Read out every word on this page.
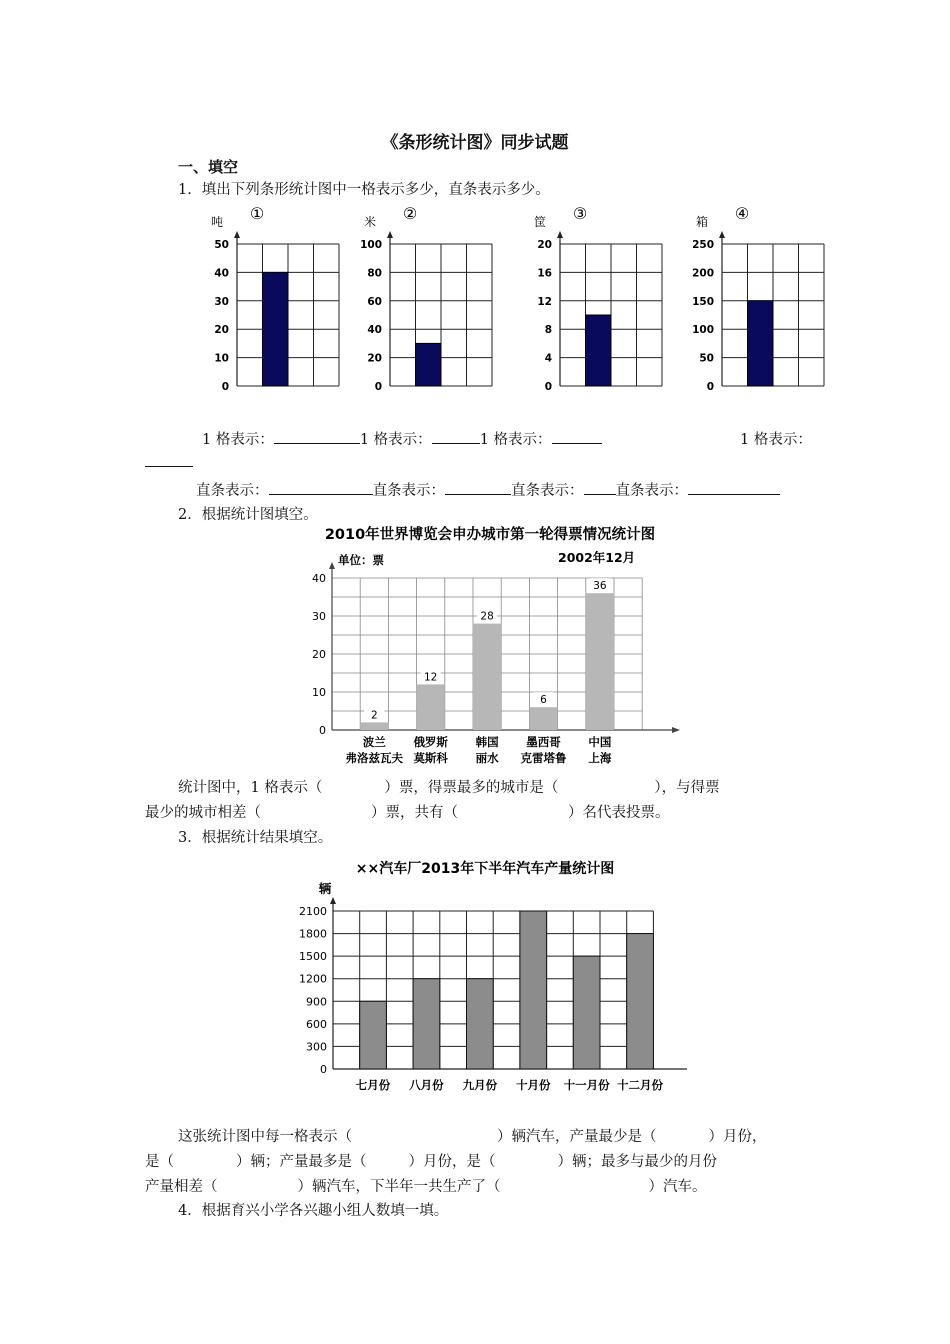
《条形统计图》同步试题
一、填空
1．填出下列条形统计图中一格表示多少，直条表示多少。
0
10
20
30
40
50
吨 ①
0
20
40
60
80
100
米 ②
0
4
8
12
16
20
筐 ③
0
50
100
150
200
250
箱 ④
1 格表示：	1 格表示：	1 格表示：	1 格表示：
直条表示：	直条表示：	直条表示： 直条表示：
2．根据统计图填空。
2010年世界博览会申办城市第一轮得票情况统计图
单位：票	2002年12月
0
10
20
30
40
2
波兰
弗洛兹瓦夫
12
俄罗斯
莫斯科
28
韩国
丽水
6
墨西哥
克雷塔鲁
36
中国
上海
统计图中，1 格表示（	）票，得票最多的城市是（	），与得票
最少的城市相差（	）票，共有（	）名代表投票。
3．根据统计结果填空。
××汽车厂2013年下半年汽车产量统计图
辆
0
300
600
900
1200
1500
1800
2100
七月份 八月份 九月份 十月份 十一月份 十二月份
这张统计图中每一格表示（	）辆汽车，产量最少是（	）月份，
是（	）辆；产量最多是（	）月份，是（	）辆；最多与最少的月份
产量相差（	）辆汽车，下半年一共生产了（	）汽车。
4．根据育兴小学各兴趣小组人数填一填。
